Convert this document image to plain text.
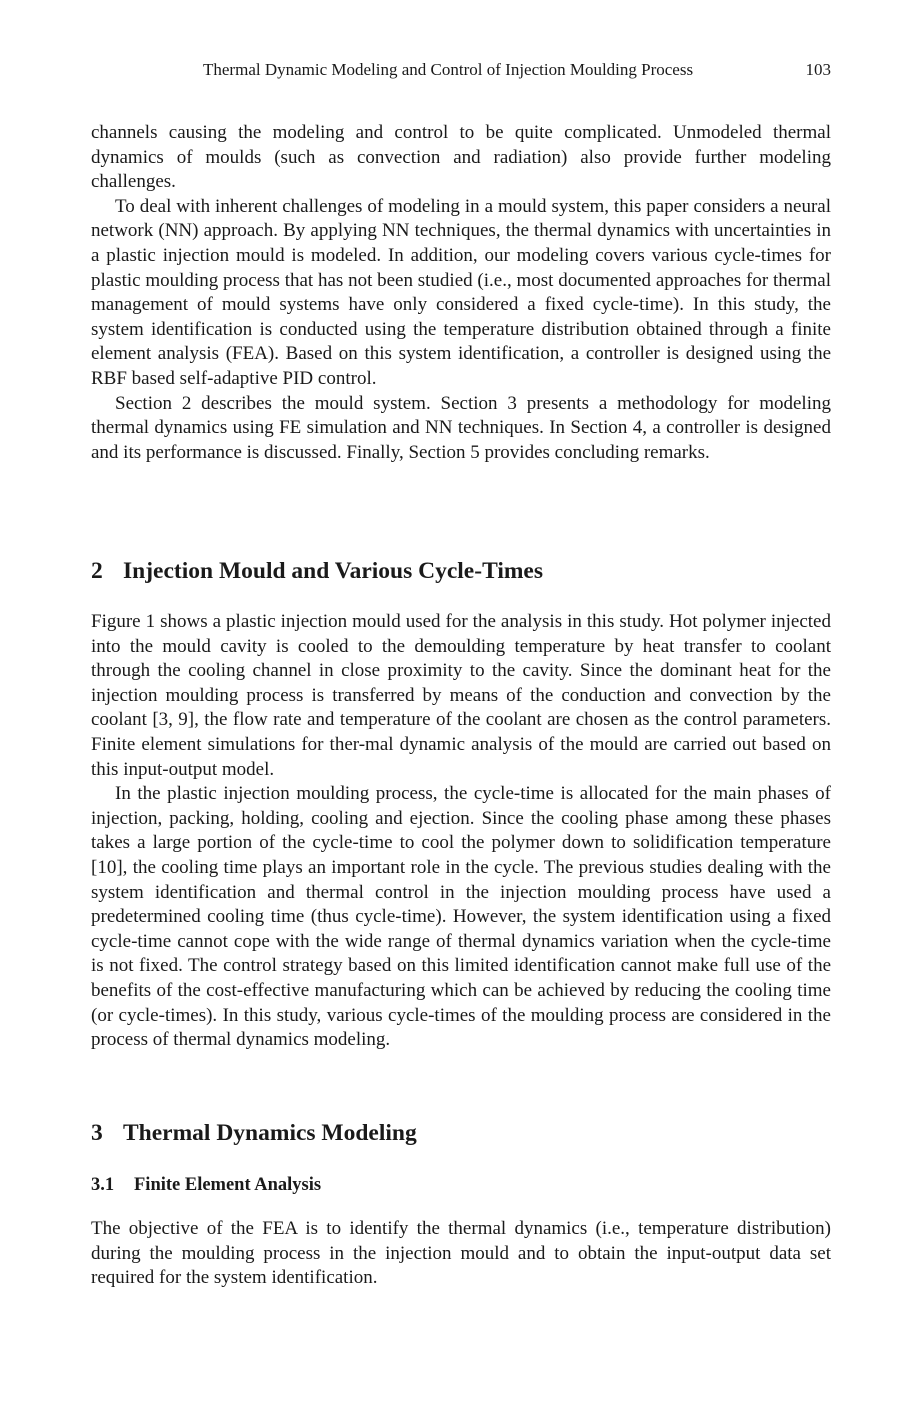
Thermal Dynamic Modeling and Control of Injection Moulding Process	103

channels causing the modeling and control to be quite complicated. Unmodeled thermal dynamics of moulds (such as convection and radiation) also provide further modeling challenges.

To deal with inherent challenges of modeling in a mould system, this paper considers a neural network (NN) approach. By applying NN techniques, the thermal dynamics with uncertainties in a plastic injection mould is modeled. In addition, our modeling covers various cycle-times for plastic moulding process that has not been studied (i.e., most documented approaches for thermal management of mould systems have only considered a fixed cycle-time). In this study, the system identification is conducted using the temperature distribution obtained through a finite element analysis (FEA). Based on this system identification, a controller is designed using the RBF based self-adaptive PID control.

Section 2 describes the mould system. Section 3 presents a methodology for modeling thermal dynamics using FE simulation and NN techniques. In Section 4, a controller is designed and its performance is discussed. Finally, Section 5 provides concluding remarks.

2 Injection Mould and Various Cycle-Times

Figure 1 shows a plastic injection mould used for the analysis in this study. Hot polymer injected into the mould cavity is cooled to the demoulding temperature by heat transfer to coolant through the cooling channel in close proximity to the cavity. Since the dominant heat for the injection moulding process is transferred by means of the conduction and convection by the coolant [3, 9], the flow rate and temperature of the coolant are chosen as the control parameters. Finite element simulations for ther-mal dynamic analysis of the mould are carried out based on this input-output model.

In the plastic injection moulding process, the cycle-time is allocated for the main phases of injection, packing, holding, cooling and ejection. Since the cooling phase among these phases takes a large portion of the cycle-time to cool the polymer down to solidification temperature [10], the cooling time plays an important role in the cycle. The previous studies dealing with the system identification and thermal control in the injection moulding process have used a predetermined cooling time (thus cycle-time). However, the system identification using a fixed cycle-time cannot cope with the wide range of thermal dynamics variation when the cycle-time is not fixed. The control strategy based on this limited identification cannot make full use of the benefits of the cost-effective manufacturing which can be achieved by reducing the cooling time (or cycle-times). In this study, various cycle-times of the moulding process are considered in the process of thermal dynamics modeling.

3 Thermal Dynamics Modeling
3.1 Finite Element Analysis

The objective of the FEA is to identify the thermal dynamics (i.e., temperature distribution) during the moulding process in the injection mould and to obtain the input-output data set required for the system identification.
